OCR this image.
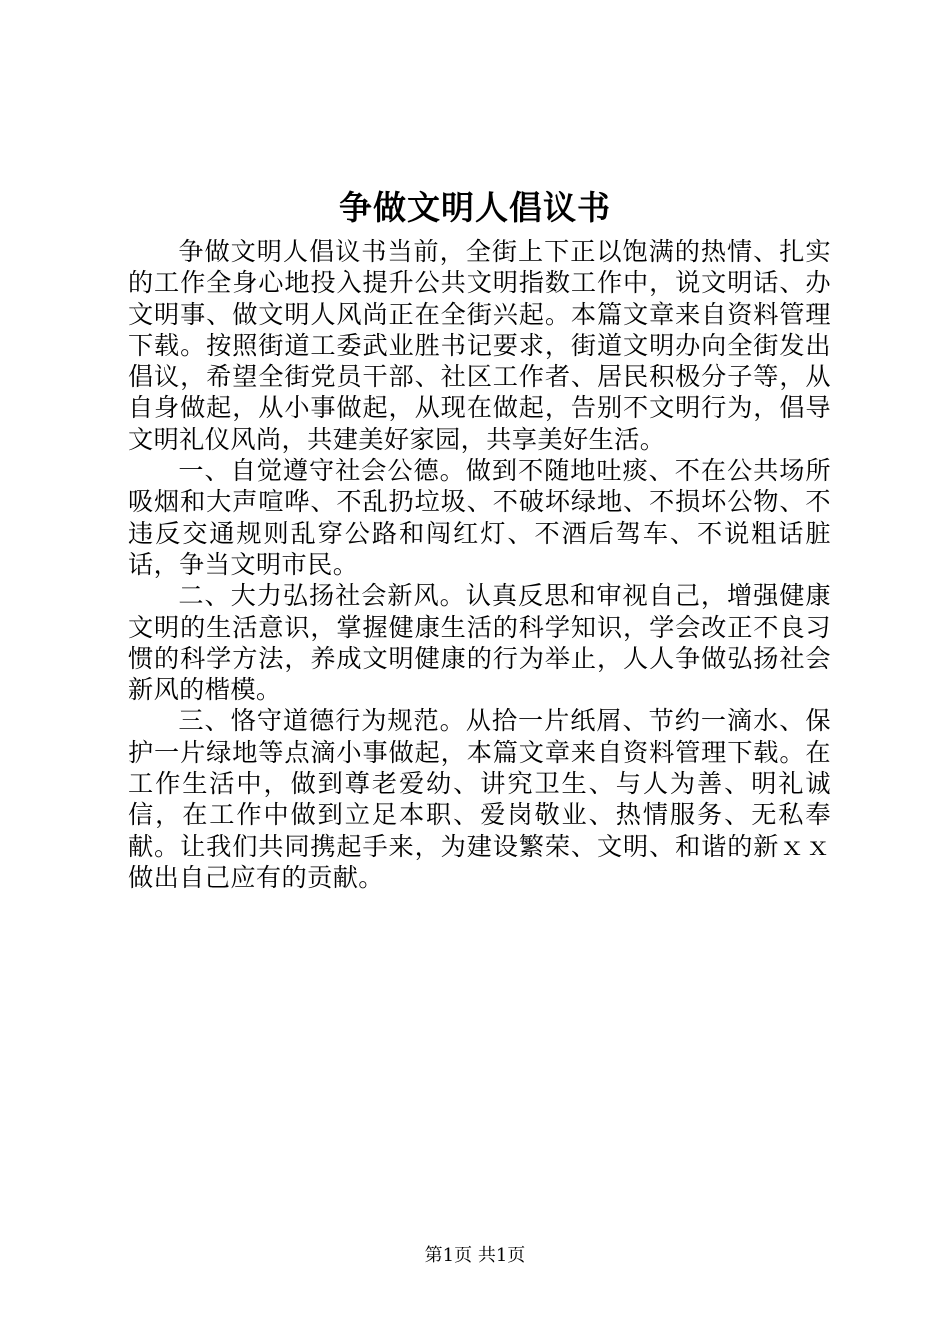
争做文明人倡议书

争做文明人倡议书当前，全街上下正以饱满的热情、扎实的工作全身心地投入提升公共文明指数工作中，说文明话、办文明事、做文明人风尚正在全街兴起。本篇文章来自资料管理下载。按照街道工委武业胜书记要求，街道文明办向全街发出倡议，希望全街党员干部、社区工作者、居民积极分子等，从自身做起，从小事做起，从现在做起，告别不文明行为，倡导文明礼仪风尚，共建美好家园，共享美好生活。

一、自觉遵守社会公德。做到不随地吐痰、不在公共场所吸烟和大声喧哗、不乱扔垃圾、不破坏绿地、不损坏公物、不违反交通规则乱穿公路和闯红灯、不酒后驾车、不说粗话脏话，争当文明市民。

二、大力弘扬社会新风。认真反思和审视自己，增强健康文明的生活意识，掌握健康生活的科学知识，学会改正不良习惯的科学方法，养成文明健康的行为举止，人人争做弘扬社会新风的楷模。

三、恪守道德行为规范。从拾一片纸屑、节约一滴水、保护一片绿地等点滴小事做起，本篇文章来自资料管理下载。在工作生活中，做到尊老爱幼、讲究卫生、与人为善、明礼诚信，在工作中做到立足本职、爱岗敬业、热情服务、无私奉献。让我们共同携起手来，为建设繁荣、文明、和谐的新ｘｘ做出自己应有的贡献。

第1页 共1页
